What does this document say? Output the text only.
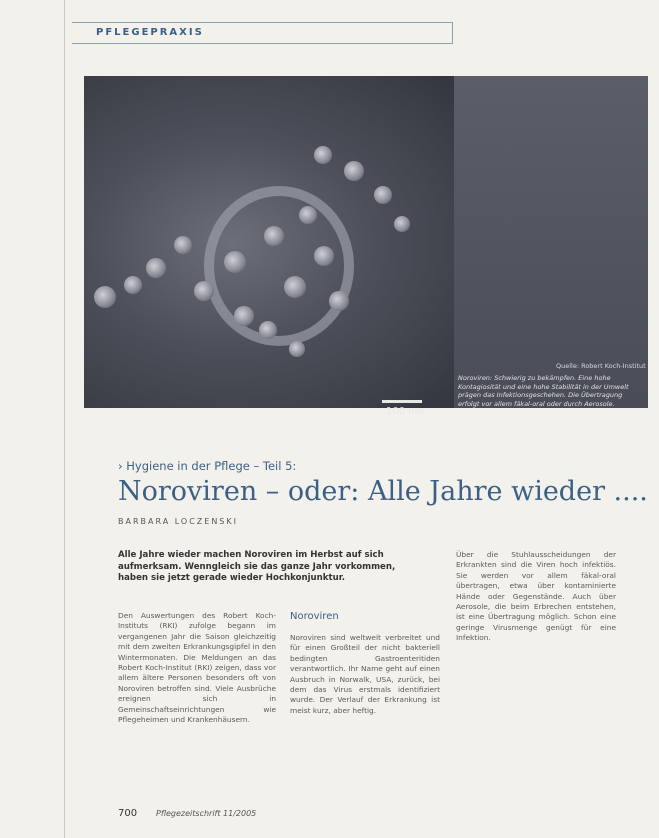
PFLEGEPRAXIS
100 nm
Quelle: Robert Koch-Institut
Noroviren: Schwierig zu bekämpfen. Eine hohe Kontagiosität und eine hohe Stabilität in der Umwelt prägen das Infektionsgeschehen. Die Übertragung erfolgt vor allem fäkal-oral oder durch Aerosole.
› Hygiene in der Pflege – Teil 5:
Noroviren – oder: Alle Jahre wieder ....
BARBARA LOCZENSKI
Alle Jahre wieder machen Noroviren im Herbst auf sich aufmerksam. Wenngleich sie das ganze Jahr vorkommen, haben sie jetzt gerade wieder Hochkonjunktur.
Den Auswertungen des Robert Koch-Instituts (RKI) zufolge begann im vergangenen Jahr die Saison gleichzeitig mit dem zweiten Erkrankungsgipfel in den Wintermonaten. Die Meldungen an das Robert Koch-Institut (RKI) zeigen, dass vor allem ältere Personen besonders oft von Noroviren betroffen sind. Viele Ausbrüche ereignen sich in Gemeinschaftseinrichtungen wie Pflegeheimen und Krankenhäusern.
Noroviren
Noroviren sind weltweit verbreitet und für einen Großteil der nicht bakteriell bedingten Gastroenteritiden verantwortlich. Ihr Name geht auf einen Ausbruch in Norwalk, USA, zurück, bei dem das Virus erstmals identifiziert wurde. Der Verlauf der Erkrankung ist meist kurz, aber heftig.
Über die Stuhlausscheidungen der Erkrankten sind die Viren hoch infektiös. Sie werden vor allem fäkal-oral übertragen, etwa über kontaminierte Hände oder Gegenstände. Auch über Aerosole, die beim Erbrechen entstehen, ist eine Übertragung möglich. Schon eine geringe Virusmenge genügt für eine Infektion.
700 Pflegezeitschrift 11/2005
